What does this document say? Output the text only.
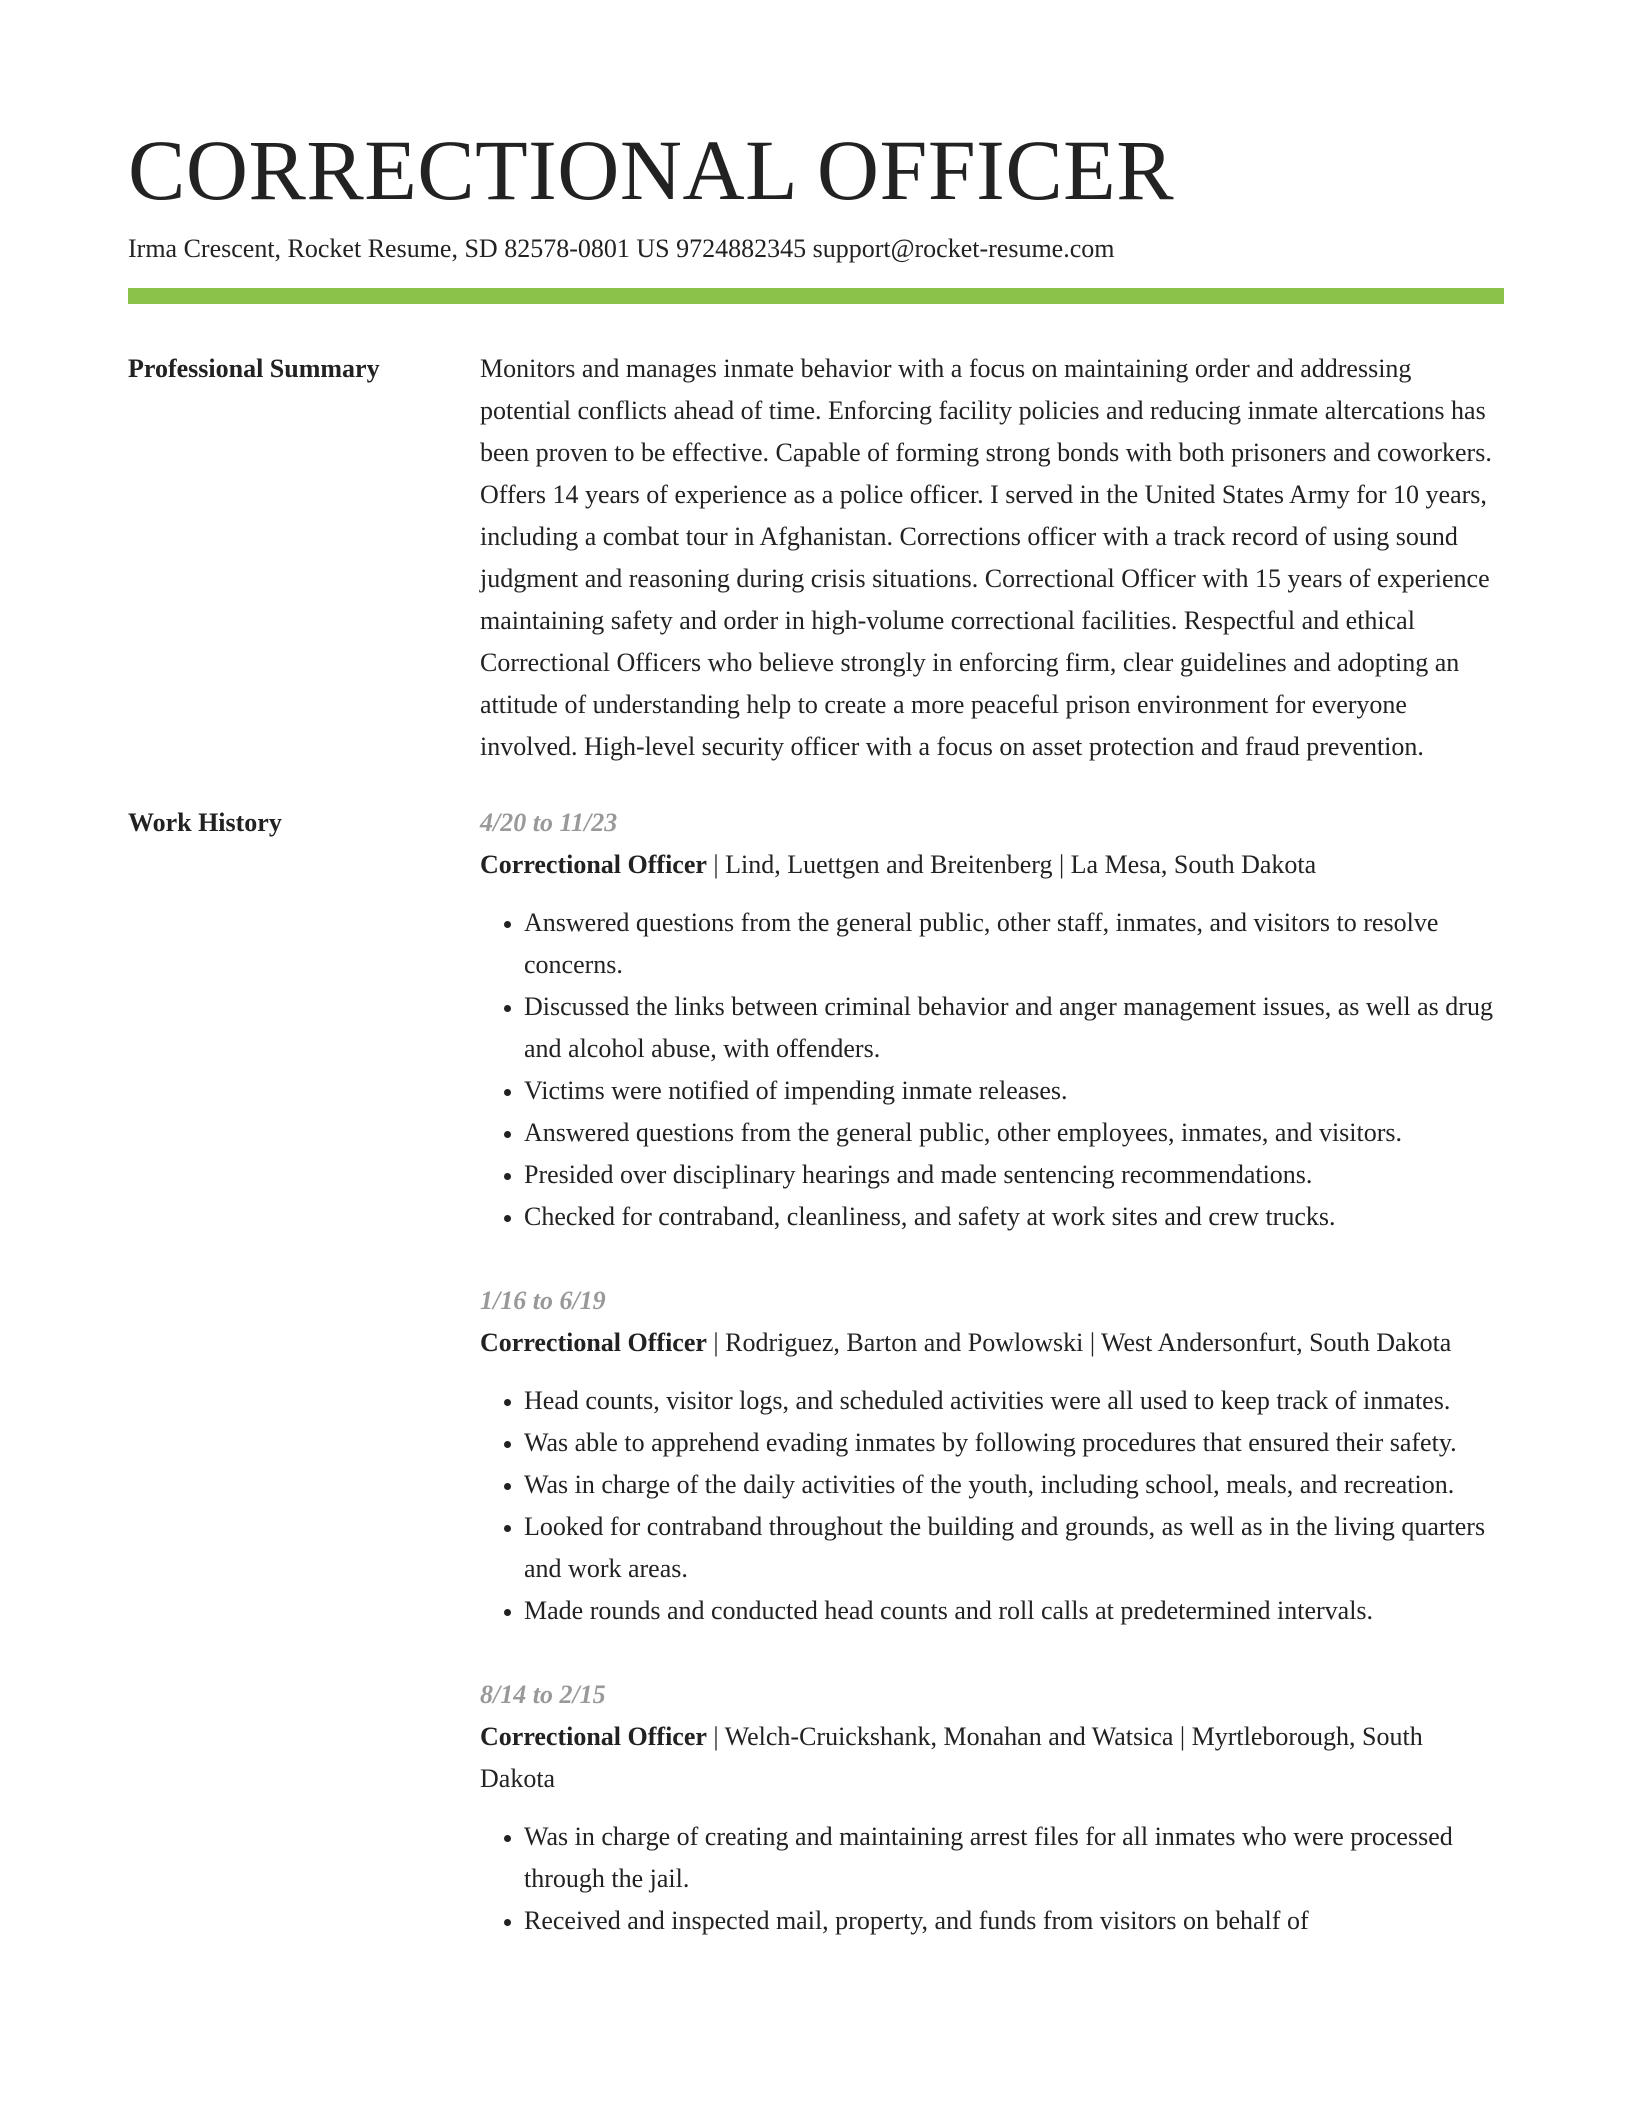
CORRECTIONAL OFFICER
Irma Crescent, Rocket Resume, SD 82578-0801 US 9724882345 support@rocket-resume.com
Professional Summary	Monitors and manages inmate behavior with a focus on maintaining order and addressing potential conflicts ahead of time. Enforcing facility policies and reducing inmate altercations has been proven to be effective. Capable of forming strong bonds with both prisoners and coworkers. Offers 14 years of experience as a police officer. I served in the United States Army for 10 years, including a combat tour in Afghanistan. Corrections officer with a track record of using sound judgment and reasoning during crisis situations. Correctional Officer with 15 years of experience maintaining safety and order in high-volume correctional facilities. Respectful and ethical Correctional Officers who believe strongly in enforcing firm, clear guidelines and adopting an attitude of understanding help to create a more peaceful prison environment for everyone involved. High-level security officer with a focus on asset protection and fraud prevention.

Work History	4/20 to 11/23
Correctional Officer | Lind, Luettgen and Breitenberg | La Mesa, South Dakota
• Answered questions from the general public, other staff, inmates, and visitors to resolve concerns.
• Discussed the links between criminal behavior and anger management issues, as well as drug and alcohol abuse, with offenders.
• Victims were notified of impending inmate releases.
• Answered questions from the general public, other employees, inmates, and visitors.
• Presided over disciplinary hearings and made sentencing recommendations.
• Checked for contraband, cleanliness, and safety at work sites and crew trucks.
1/16 to 6/19
Correctional Officer | Rodriguez, Barton and Powlowski | West Andersonfurt, South Dakota
• Head counts, visitor logs, and scheduled activities were all used to keep track of inmates.
• Was able to apprehend evading inmates by following procedures that ensured their safety.
• Was in charge of the daily activities of the youth, including school, meals, and recreation.
• Looked for contraband throughout the building and grounds, as well as in the living quarters and work areas.
• Made rounds and conducted head counts and roll calls at predetermined intervals.
8/14 to 2/15
Correctional Officer | Welch-Cruickshank, Monahan and Watsica | Myrtleborough, South Dakota
• Was in charge of creating and maintaining arrest files for all inmates who were processed through the jail.
• Received and inspected mail, property, and funds from visitors on behalf of
